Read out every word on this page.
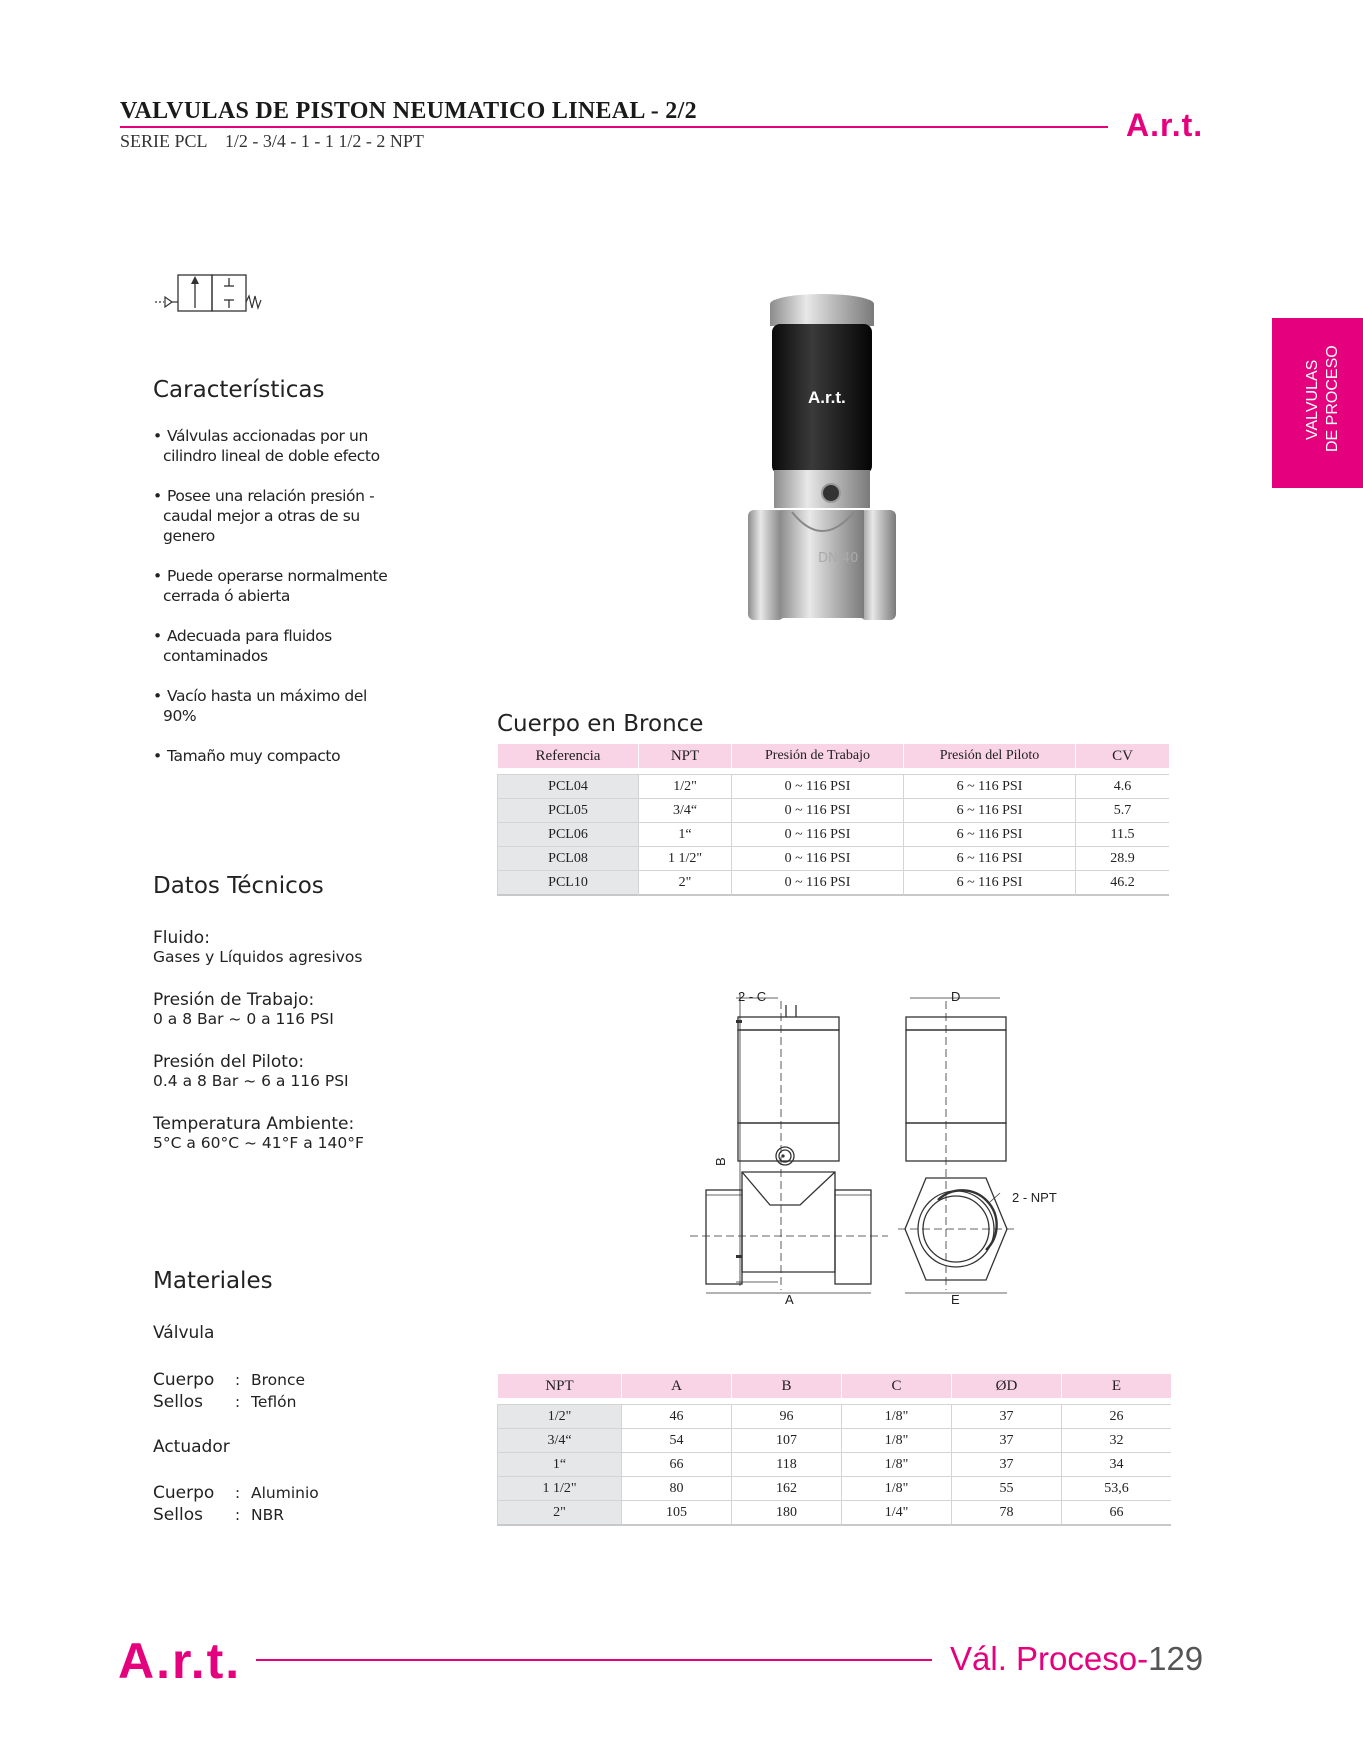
VALVULAS DE PISTON NEUMATICO LINEAL - 2/2
SERIE PCL    1/2 - 3/4 - 1 - 1 1/2 - 2 NPT	A.r.t.
VALVULAS DE PROCESO
Características
• Válvulas accionadas por un
cilindro lineal de doble efecto
• Posee una relación presión -
caudal mejor a otras de su
genero
• Puede operarse normalmente
cerrada ó abierta
• Adecuada para fluidos
contaminados
• Vacío hasta un máximo del
90%
• Tamaño muy compacto
A.r.t.
DN 40
Cuerpo en Bronce
Referencia	NPT	Presión de Trabajo	Presión del Piloto	CV

PCL04	1/2"	0 ~ 116 PSI	6 ~ 116 PSI	4.6
PCL05	3/4“	0 ~ 116 PSI	6 ~ 116 PSI	5.7
PCL06	1“	0 ~ 116 PSI	6 ~ 116 PSI	11.5
PCL08	1 1/2"	0 ~ 116 PSI	6 ~ 116 PSI	28.9
PCL10	2"	0 ~ 116 PSI	6 ~ 116 PSI	46.2
Datos Técnicos
Fluido:
Gases y Líquidos agresivos
Presión de Trabajo:
0 a 8 Bar ~ 0 a 116 PSI
Presión del Piloto:
0.4 a 8 Bar ~ 6 a 116 PSI
Temperatura Ambiente:
5°C a 60°C ~ 41°F a 140°F
2 - C	D
B
2 - NPT
A	E
Materiales
Válvula
Cuerpo : Bronce
Sellos : Teflón
Actuador
Cuerpo : Aluminio
Sellos : NBR
NPT	A	B	C	ØD	E

1/2"	46	96	1/8"	37	26
3/4“	54	107	1/8"	37	32
1“	66	118	1/8"	37	34
1 1/2"	80	162	1/8"	55	53,6
2"	105	180	1/4"	78	66
A.r.t.	Vál. Proceso-129
